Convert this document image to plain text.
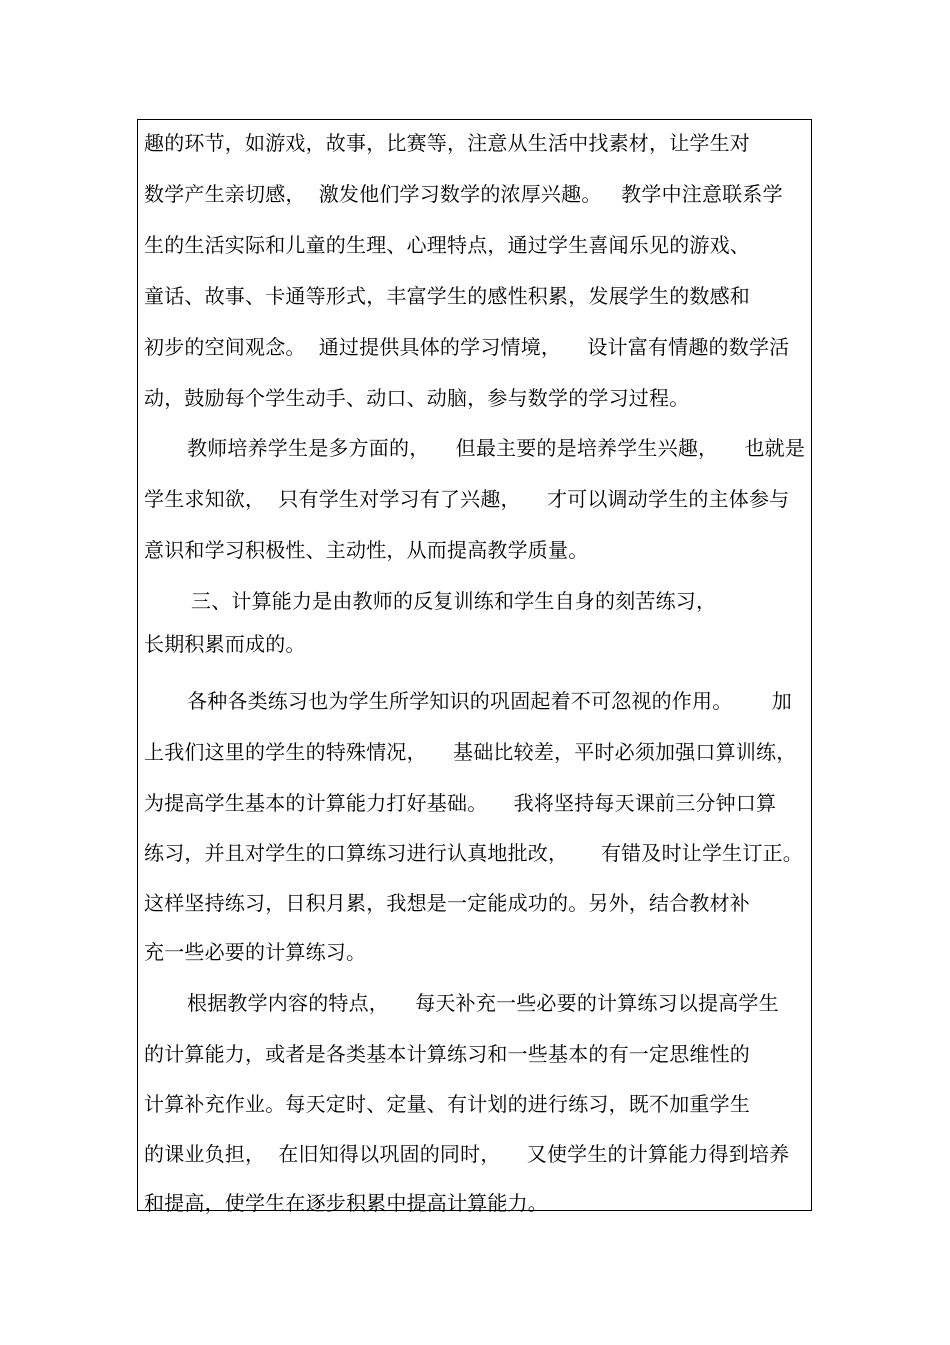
趣的环节，如游戏，故事，比赛等，注意从生活中找素材，让学生对
数学产生亲切感，  激发他们学习数学的浓厚兴趣。   教学中注意联系学
生的生活实际和儿童的生理、心理特点，通过学生喜闻乐见的游戏、
童话、故事、卡通等形式，丰富学生的感性积累，发展学生的数感和
初步的空间观念。  通过提供具体的学习情境，    设计富有情趣的数学活
动，鼓励每个学生动手、动口、动脑，参与数学的学习过程。
教师培养学生是多方面的，    但最主要的是培养学生兴趣，    也就是
学生求知欲，  只有学生对学习有了兴趣，    才可以调动学生的主体参与
意识和学习积极性、主动性，从而提高教学质量。
三、计算能力是由教师的反复训练和学生自身的刻苦练习，
长期积累而成的。
各种各类练习也为学生所学知识的巩固起着不可忽视的作用。      加
上我们这里的学生的特殊情况，    基础比较差，平时必须加强口算训练，
为提高学生基本的计算能力打好基础。    我将坚持每天课前三分钟口算
练习，并且对学生的口算练习进行认真地批改，     有错及时让学生订正。
这样坚持练习，日积月累，我想是一定能成功的。另外，结合教材补
充一些必要的计算练习。
根据教学内容的特点，    每天补充一些必要的计算练习以提高学生
的计算能力，或者是各类基本计算练习和一些基本的有一定思维性的
计算补充作业。每天定时、定量、有计划的进行练习，既不加重学生
的课业负担，  在旧知得以巩固的同时，    又使学生的计算能力得到培养
和提高，使学生在逐步积累中提高计算能力。
